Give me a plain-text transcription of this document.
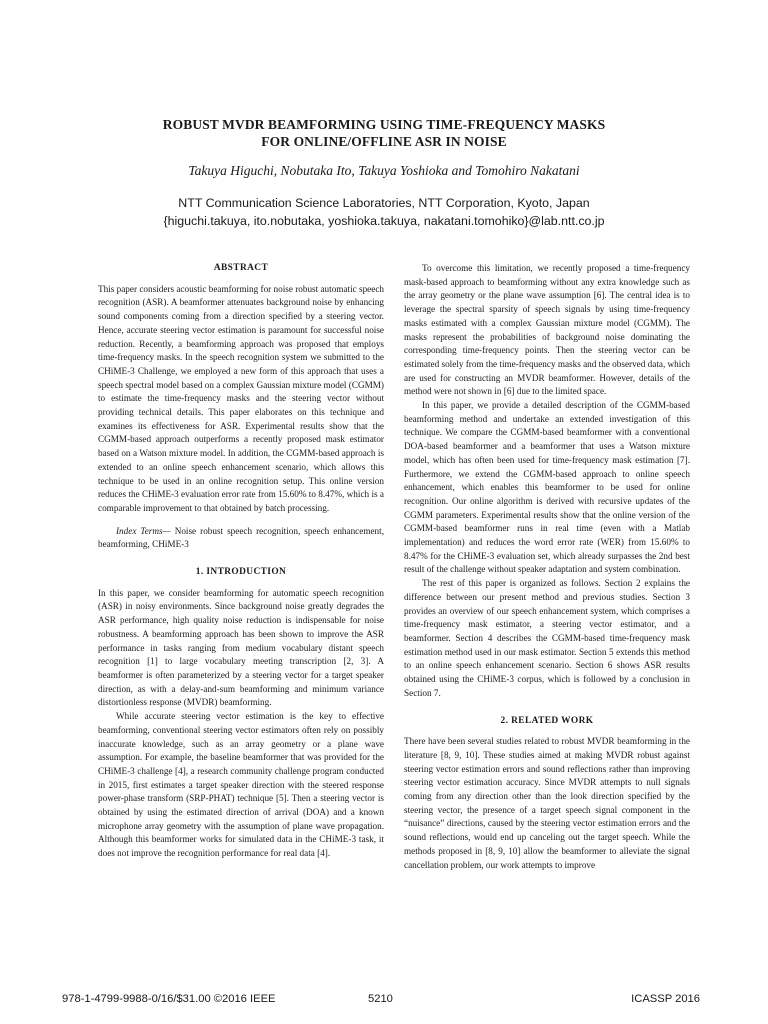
ROBUST MVDR BEAMFORMING USING TIME-FREQUENCY MASKS
FOR ONLINE/OFFLINE ASR IN NOISE
Takuya Higuchi, Nobutaka Ito, Takuya Yoshioka and Tomohiro Nakatani
NTT Communication Science Laboratories, NTT Corporation, Kyoto, Japan
{higuchi.takuya, ito.nobutaka, yoshioka.takuya, nakatani.tomohiko}@lab.ntt.co.jp
ABSTRACT

This paper considers acoustic beamforming for noise robust automatic speech recognition (ASR). A beamformer attenuates background noise by enhancing sound components coming from a direction specified by a steering vector. Hence, accurate steering vector estimation is paramount for successful noise reduction. Recently, a beamforming approach was proposed that employs time-frequency masks. In the speech recognition system we submitted to the CHiME-3 Challenge, we employed a new form of this approach that uses a speech spectral model based on a complex Gaussian mixture model (CGMM) to estimate the time-frequency masks and the steering vector without providing technical details. This paper elaborates on this technique and examines its effectiveness for ASR. Experimental results show that the CGMM-based approach outperforms a recently proposed mask estimator based on a Watson mixture model. In addition, the CGMM-based approach is extended to an online speech enhancement scenario, which allows this technique to be used in an online recognition setup. This online version reduces the CHiME-3 evaluation error rate from 15.60% to 8.47%, which is a comparable improvement to that obtained by batch processing.

Index Terms— Noise robust speech recognition, speech enhancement, beamforming, CHiME-3

1. INTRODUCTION

In this paper, we consider beamforming for automatic speech recognition (ASR) in noisy environments. Since background noise greatly degrades the ASR performance, high quality noise reduction is indispensable for noise robustness. A beamforming approach has been shown to improve the ASR performance in tasks ranging from medium vocabulary distant speech recognition [1] to large vocabulary meeting transcription [2, 3]. A beamformer is often parameterized by a steering vector for a target speaker direction, as with a delay-and-sum beamforming and minimum variance distortionless response (MVDR) beamforming.

While accurate steering vector estimation is the key to effective beamforming, conventional steering vector estimators often rely on possibly inaccurate knowledge, such as an array geometry or a plane wave assumption. For example, the baseline beamformer that was provided for the CHiME-3 challenge [4], a research community challenge program conducted in 2015, first estimates a target speaker direction with the steered response power-phase transform (SRP-PHAT) technique [5]. Then a steering vector is obtained by using the estimated direction of arrival (DOA) and a known microphone array geometry with the assumption of plane wave propagation. Although this beamformer works for simulated data in the CHiME-3 task, it does not improve the recognition performance for real data [4].

To overcome this limitation, we recently proposed a time-frequency mask-based approach to beamforming without any extra knowledge such as the array geometry or the plane wave assumption [6]. The central idea is to leverage the spectral sparsity of speech signals by using time-frequency masks estimated with a complex Gaussian mixture model (CGMM). The masks represent the probabilities of background noise dominating the corresponding time-frequency points. Then the steering vector can be estimated solely from the time-frequency masks and the observed data, which are used for constructing an MVDR beamformer. However, details of the method were not shown in [6] due to the limited space.

In this paper, we provide a detailed description of the CGMM-based beamforming method and undertake an extended investigation of this technique. We compare the CGMM-based beamformer with a conventional DOA-based beamformer and a beamformer that uses a Watson mixture model, which has often been used for time-frequency mask estimation [7]. Furthermore, we extend the CGMM-based approach to online speech enhancement, which enables this beamformer to be used for online recognition. Our online algorithm is derived with recursive updates of the CGMM parameters. Experimental results show that the online version of the CGMM-based beamformer runs in real time (even with a Matlab implementation) and reduces the word error rate (WER) from 15.60% to 8.47% for the CHiME-3 evaluation set, which already surpasses the 2nd best result of the challenge without speaker adaptation and system combination.

The rest of this paper is organized as follows. Section 2 explains the difference between our present method and previous studies. Section 3 provides an overview of our speech enhancement system, which comprises a time-frequency mask estimator, a steering vector estimator, and a beamformer. Section 4 describes the CGMM-based time-frequency mask estimation method used in our mask estimator. Section 5 extends this method to an online speech enhancement scenario. Section 6 shows ASR results obtained using the CHiME-3 corpus, which is followed by a conclusion in Section 7.

2. RELATED WORK

There have been several studies related to robust MVDR beamforming in the literature [8, 9, 10]. These studies aimed at making MVDR robust against steering vector estimation errors and sound reflections rather than improving steering vector estimation accuracy. Since MVDR attempts to null signals coming from any direction other than the look direction specified by the steering vector, the presence of a target speech signal component in the “nuisance” directions, caused by the steering vector estimation errors and the sound reflections, would end up canceling out the target speech. While the methods proposed in [8, 9, 10] allow the beamformer to alleviate the signal cancellation problem, our work attempts to improve

978-1-4799-9988-0/16/$31.00 ©2016 IEEE	5210	ICASSP 2016
